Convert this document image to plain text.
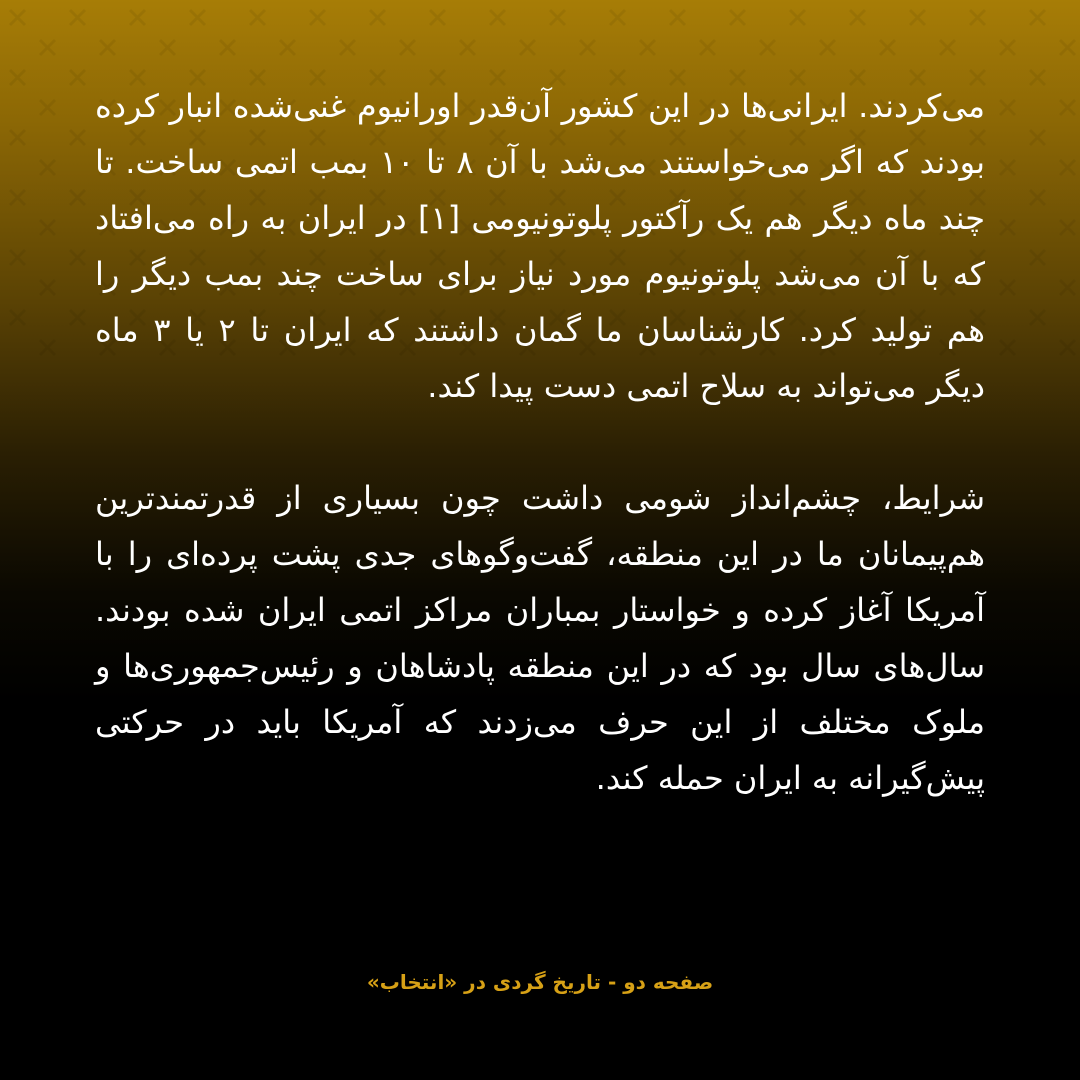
می‌کردند. ایرانی‌ها در این کشور آن‌قدر اورانیوم غنی‌شده انبار کرده بودند که اگر می‌خواستند می‌شد با آن ۸ تا ۱۰ بمب اتمی ساخت. تا چند ماه دیگر هم یک رآکتور پلوتونیومی [۱] در ایران به راه می‌افتاد که با آن می‌شد پلوتونیوم مورد نیاز برای ساخت چند بمب دیگر را هم تولید کرد. کارشناسان ما گمان داشتند که ایران تا ۲ یا ۳ ماه دیگر می‌تواند به سلاح اتمی دست پیدا کند.

شرایط، چشم‌انداز شومی داشت چون بسیاری از قدرتمندترین هم‌پیمانان ما در این منطقه، گفت‌وگوهای جدی پشت پرده‌ای را با آمریکا آغاز کرده و خواستار بمباران مراکز اتمی ایران شده بودند. سال‌های سال بود که در این منطقه پادشاهان و رئیس‌جمهوری‌ها و ملوک مختلف از این حرف می‌زدند که آمریکا باید در حرکتی پیش‌گیرانه به ایران حمله کند.

صفحه دو - تاریخ گردی در «انتخاب»
